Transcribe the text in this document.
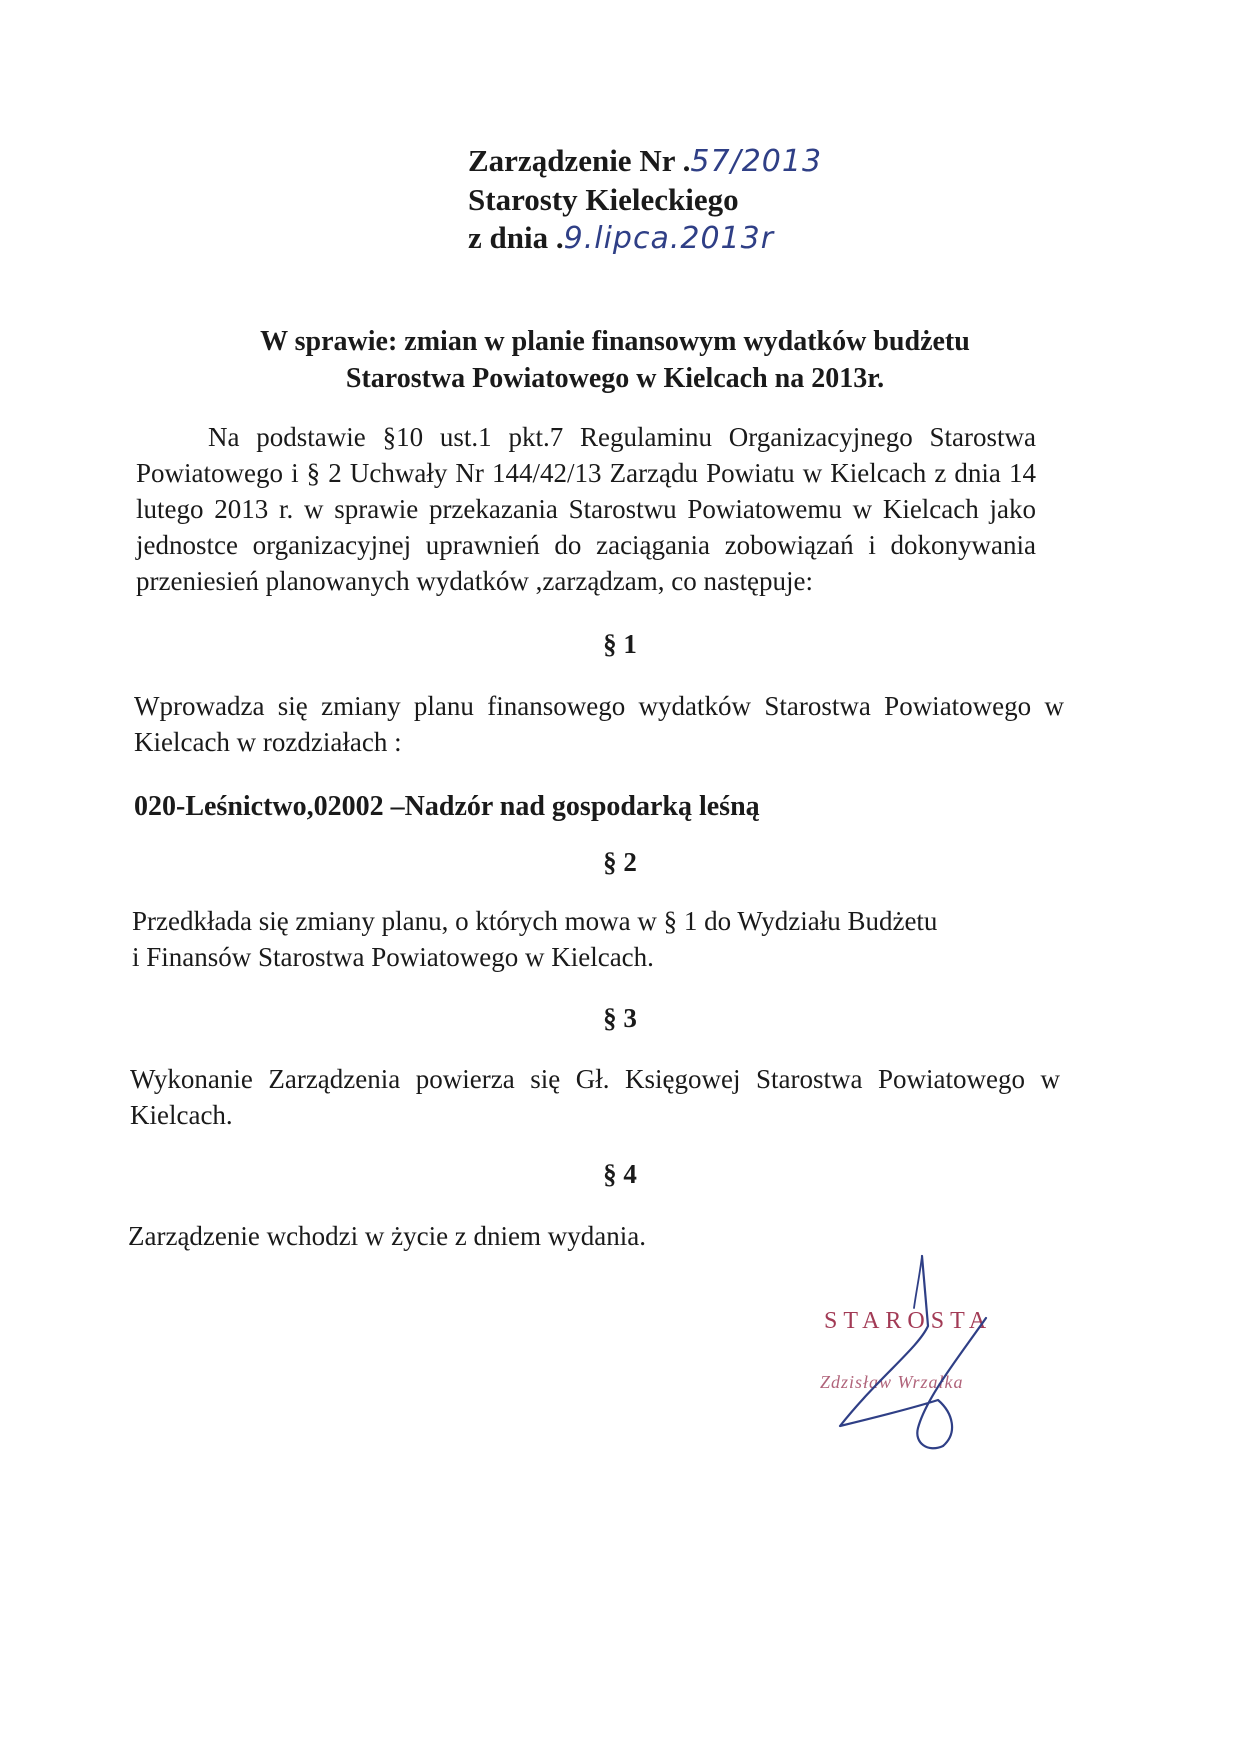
Zarządzenie Nr .57/2013
Starosty Kieleckiego
z dnia .9.lipca.2013r
W sprawie: zmian w planie finansowym wydatków budżetu
Starostwa Powiatowego w Kielcach na 2013r.
Na podstawie §10 ust.1 pkt.7 Regulaminu Organizacyjnego Starostwa Powiatowego i § 2 Uchwały Nr 144/42/13 Zarządu Powiatu w Kielcach z dnia 14 lutego 2013 r. w sprawie przekazania Starostwu Powiatowemu w Kielcach jako jednostce organizacyjnej uprawnień do zaciągania zobowiązań i dokonywania przeniesień planowanych wydatków ,zarządzam, co następuje:
§ 1
Wprowadza się zmiany planu finansowego wydatków Starostwa Powiatowego w Kielcach w rozdziałach :
020-Leśnictwo,02002 –Nadzór nad gospodarką leśną
§ 2
Przedkłada się zmiany planu, o których mowa w § 1 do Wydziału Budżetu
i Finansów Starostwa Powiatowego w Kielcach.
§ 3
Wykonanie Zarządzenia powierza się Gł. Księgowej Starostwa Powiatowego w Kielcach.
§ 4
Zarządzenie wchodzi w życie z dniem wydania.
STAROSTA
Zdzisław Wrzałka
